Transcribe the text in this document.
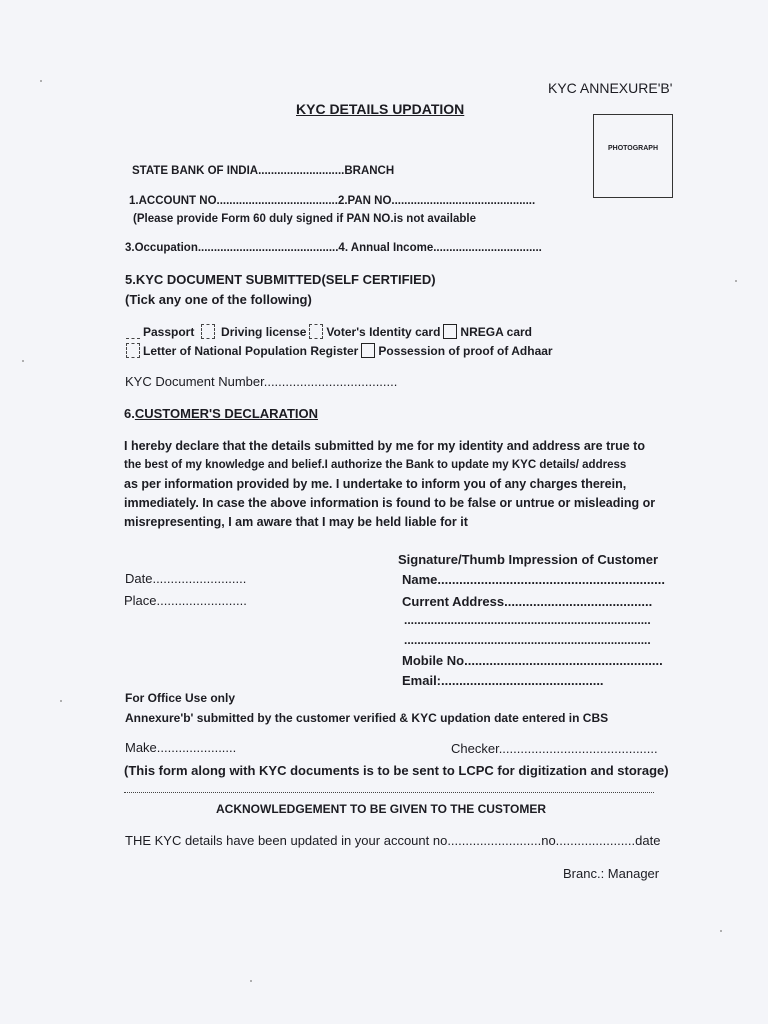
KYC ANNEXURE'B'
KYC DETAILS UPDATION
PHOTOGRAPH
STATE BANK OF INDIA...........................BRANCH
1.ACCOUNT NO......................................2.PAN NO.............................................
(Please provide Form 60 duly signed if PAN NO.is not available
3.Occupation............................................4. Annual Income..................................
5.KYC DOCUMENT SUBMITTED(SELF CERTIFIED)
(Tick any one of the following)
Passport Driving license Voter's Identity card NREGA card
Letter of National Population Register Possession of proof of Adhaar
KYC Document Number.....................................
6.CUSTOMER'S DECLARATION
I hereby declare that the details submitted by me for my identity and address are true to
the best of my knowledge and belief.I authorize the Bank to update my KYC details/ address
as per information provided by me. I undertake to inform you of any charges therein,
immediately. In case the above information is found to be false or untrue or misleading or
misrepresenting, I am aware that I may be held liable for it
Signature/Thumb Impression of Customer
Date..........................	Name...............................................................
Place.........................	Current Address.........................................
..........................................................................
..........................................................................
Mobile No.......................................................
Email:.............................................
For Office Use only
Annexure'b' submitted by the customer verified & KYC updation date entered in CBS
Make......................	Checker............................................
(This form along with KYC documents is to be sent to LCPC for digitization and storage)
ACKNOWLEDGEMENT TO BE GIVEN TO THE CUSTOMER
THE KYC details have been updated in your account no..........................no......................date
Branc.: Manager
